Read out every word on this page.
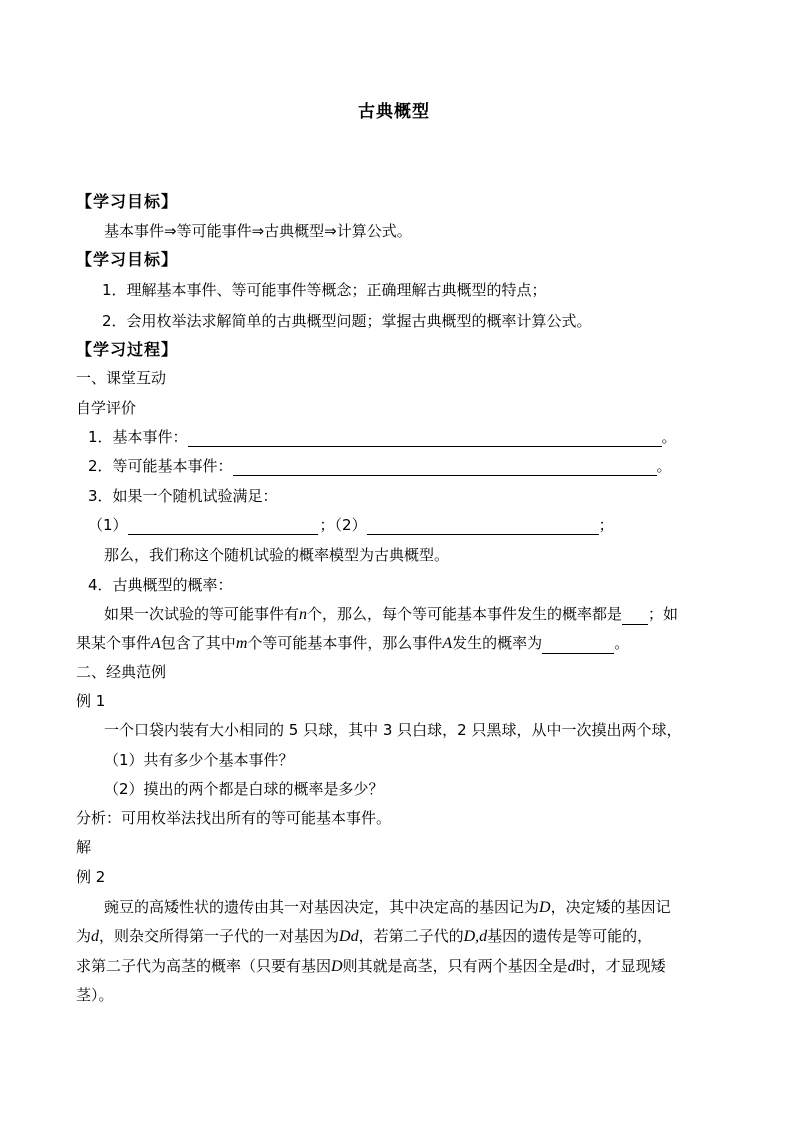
古典概型
【学习目标】
基本事件⇒等可能事件⇒古典概型⇒计算公式。
【学习目标】
1．理解基本事件、等可能事件等概念；正确理解古典概型的特点；
2．会用枚举法求解简单的古典概型问题；掌握古典概型的概率计算公式。
【学习过程】
一、课堂互动
自学评价
1．基本事件：	。
2．等可能基本事件：	。
3．如果一个随机试验满足：
（1）	；（2）	；
那么，我们称这个随机试验的概率模型为古典概型。
4．古典概型的概率：
如果一次试验的等可能事件有n个，那么，每个等可能基本事件发生的概率都是 ；如
果某个事件A包含了其中m个等可能基本事件，那么事件A发生的概率为	。
二、经典范例
例 1
一个口袋内装有大小相同的 5 只球，其中 3 只白球，2 只黑球，从中一次摸出两个球，
（1）共有多少个基本事件？
（2）摸出的两个都是白球的概率是多少？
分析：可用枚举法找出所有的等可能基本事件。
解
例 2
豌豆的高矮性状的遗传由其一对基因决定，其中决定高的基因记为D，决定矮的基因记
为d，则杂交所得第一子代的一对基因为Dd，若第二子代的D,d基因的遗传是等可能的，
求第二子代为高茎的概率（只要有基因D则其就是高茎，只有两个基因全是d时，才显现矮
茎）。
